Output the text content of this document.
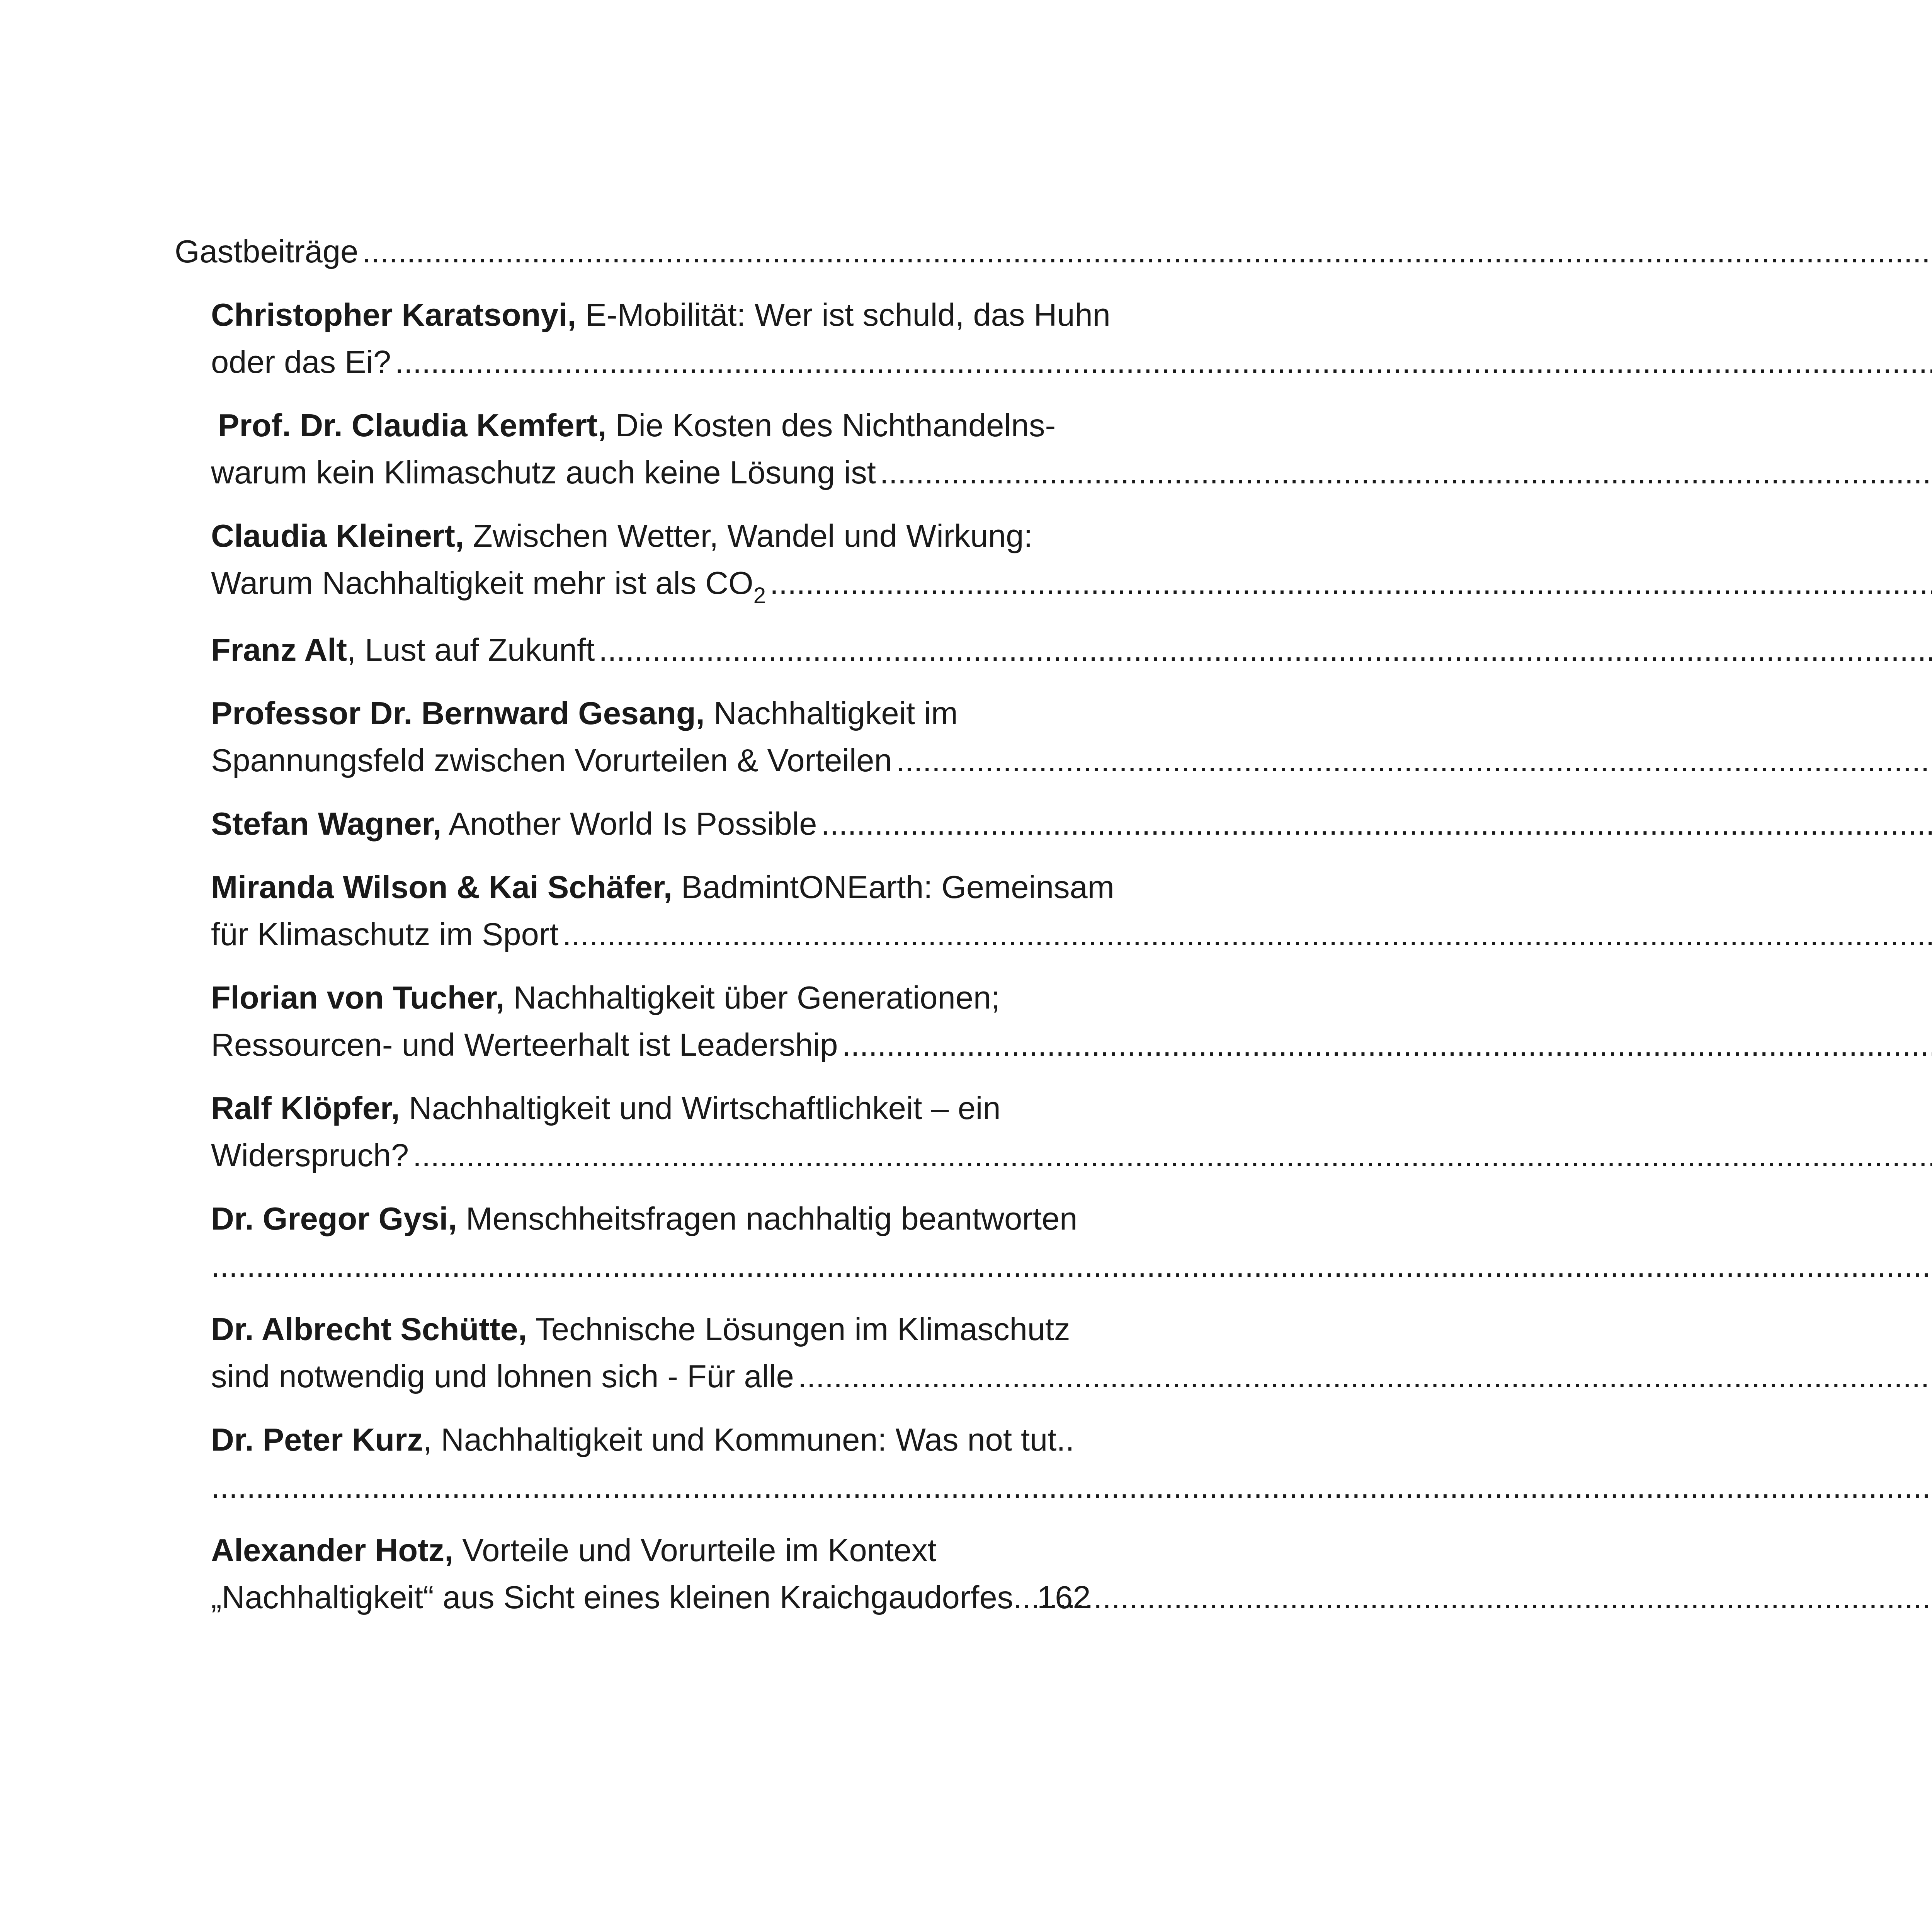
Gastbeiträge
.....
Christopher Karatsonyi, E-Mobilität: Wer ist schuld, das Huhn
oder das Ei?
.....
Prof. Dr. Claudia Kemfert, Die Kosten des Nichthandelns-
warum kein Klimaschutz auch keine Lösung ist
.....
Claudia Kleinert, Zwischen Wetter, Wandel und Wirkung:
Warum Nachhaltigkeit mehr ist als $CO_2$
.....
Franz Alt, Lust auf Zukunft
.....
Professor Dr. Bernward Gesang, Nachhaltigkeit im
Spannungsfeld zwischen Vorurteilen & Vorteilen
.....
Stefan Wagner, Another World Is Possible
.....
Miranda Wilson & Kai Schäfer, BadmintONEarth: Gemeinsam
für Klimaschutz im Sport
.....
Florian von Tucher, Nachhaltigkeit über Generationen;
Ressourcen- und Werteerhalt ist Leadership
.....
Ralf Klöpfer, Nachhaltigkeit und Wirtschaftlichkeit – ein
Widerspruch?
.....
Dr. Gregor Gysi, Menschheitsfragen nachhaltig beantworten
.....
Dr. Albrecht Schütte, Technische Lösungen im Klimaschutz
sind notwendig und lohnen sich - Für alle
.....
Dr. Peter Kurz, Nachhaltigkeit und Kommunen: Was not tut..
.....
Alexander Hotz, Vorteile und Vorurteile im Kontext
„Nachhaltigkeit“ aus Sicht eines kleinen Kraichgaudorfes
..... 162
